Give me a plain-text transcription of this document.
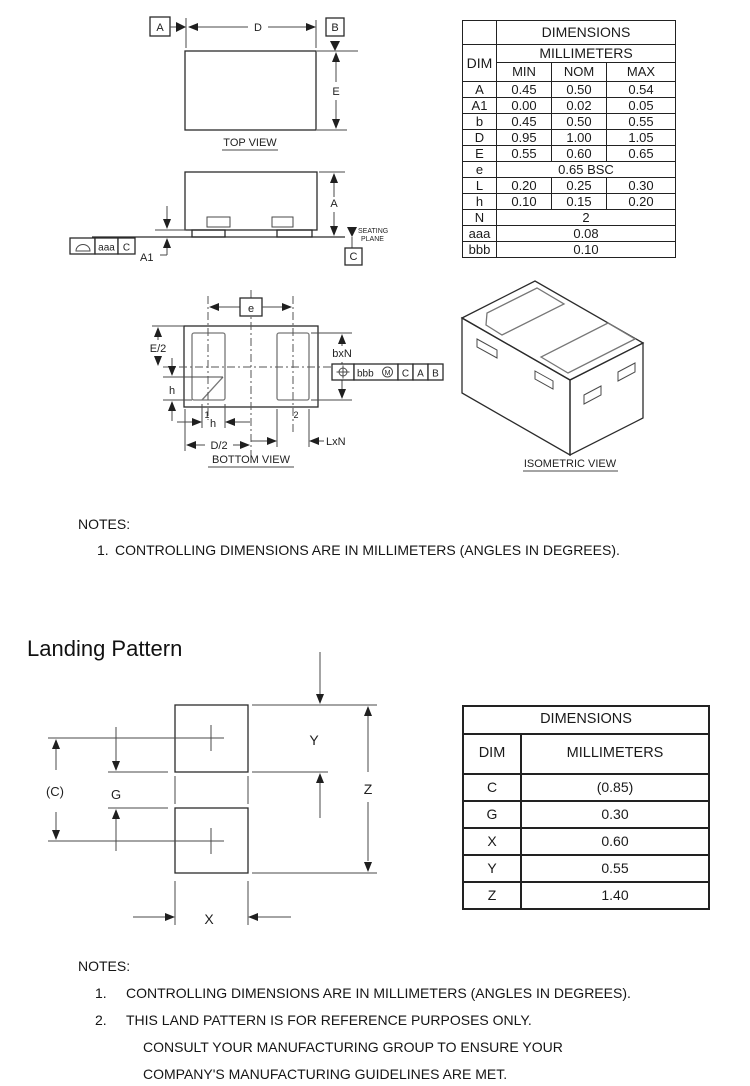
A	D	B
E
TOP VIEW
A
A1
aaa C
SEATING
PLANE
C
e
E/2
h
h
D/2	LxN
1	2
bxN
bbb M C A B
BOTTOM VIEW	ISOMETRIC VIEW
Y
Z
(C)	G
X
	DIMENSIONS		
DIM	MILLIMETERS		
	MIN	NOM	MAX
A	0.45	0.50	0.54
A1	0.00	0.02	0.05
b	0.45	0.50	0.55
D	0.95	1.00	1.05
E	0.55	0.60	0.65
e	0.65 BSC		
L	0.20	0.25	0.30
h	0.10	0.15	0.20
N	2		
aaa	0.08		
bbb	0.10		
NOTES:
1. CONTROLLING DIMENSIONS ARE IN MILLIMETERS (ANGLES IN DEGREES).
Landing Pattern
DIMENSIONS	
DIM	MILLIMETERS
C	(0.85)
G	0.30
X	0.60
Y	0.55
Z	1.40
NOTES:
1.	CONTROLLING DIMENSIONS ARE IN MILLIMETERS (ANGLES IN DEGREES).
2.	THIS LAND PATTERN IS FOR REFERENCE PURPOSES ONLY.
CONSULT YOUR MANUFACTURING GROUP TO ENSURE YOUR
COMPANY'S MANUFACTURING GUIDELINES ARE MET.
